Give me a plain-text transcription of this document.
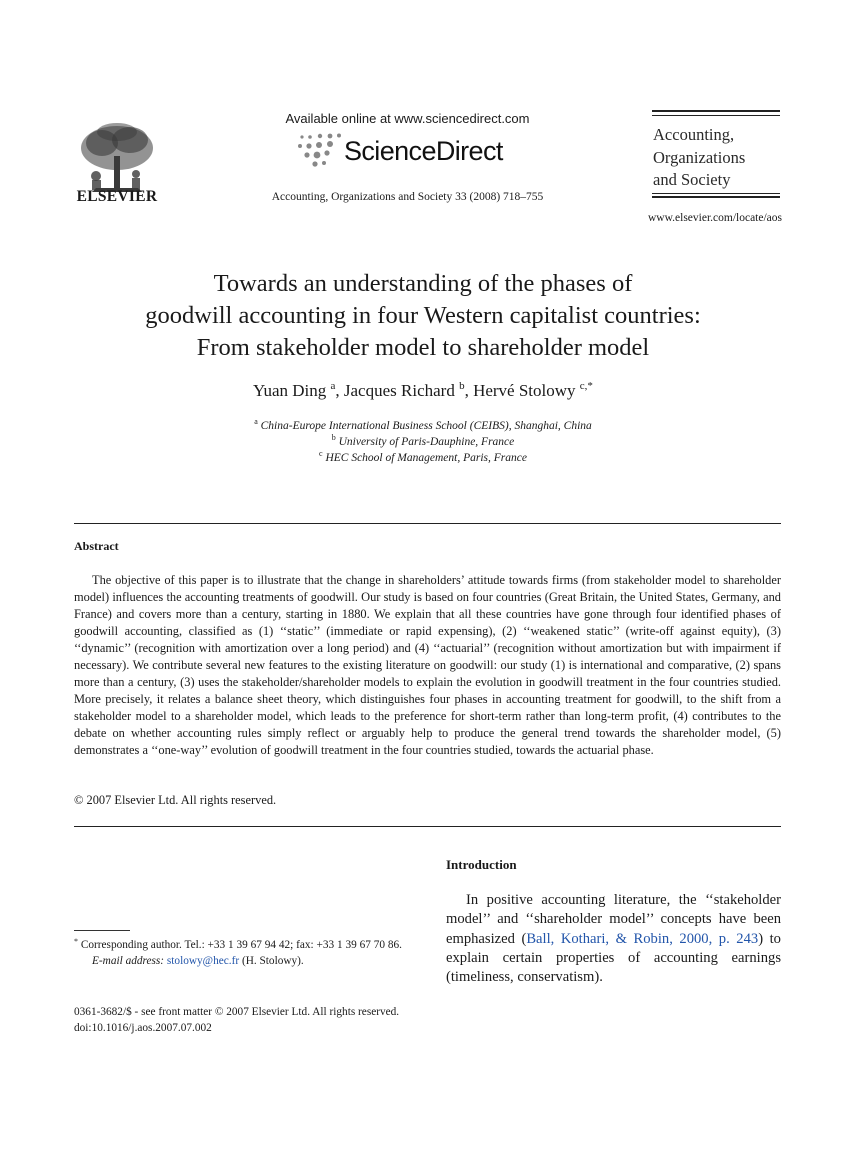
ELSEVIER
Available online at www.sciencedirect.com
ScienceDirect
Accounting, Organizations and Society 33 (2008) 718–755
Accounting,
Organizations
and Society
www.elsevier.com/locate/aos
Towards an understanding of the phases of
goodwill accounting in four Western capitalist countries:
From stakeholder model to shareholder model
Yuan Ding $^a$, Jacques Richard $^b$, Hervé Stolowy $^{c,*}$
$^a$ China-Europe International Business School (CEIBS), Shanghai, China
$^b$ University of Paris-Dauphine, France
$^c$ HEC School of Management, Paris, France
Abstract
The objective of this paper is to illustrate that the change in shareholders’ attitude towards firms (from stakeholder model to shareholder model) influences the accounting treatments of goodwill. Our study is based on four countries (Great Britain, the United States, Germany, and France) and covers more than a century, starting in 1880. We explain that all these countries have gone through four identified phases of goodwill accounting, classified as (1) ‘‘static’’ (immediate or rapid expensing), (2) ‘‘weakened static’’ (write-off against equity), (3) ‘‘dynamic’’ (recognition with amortization over a long period) and (4) ‘‘actuarial’’ (recognition without amortization but with impairment if necessary). We contribute several new features to the existing literature on goodwill: our study (1) is international and comparative, (2) spans more than a century, (3) uses the stakeholder/shareholder models to explain the evolution in goodwill treatment in the four countries studied. More precisely, it relates a balance sheet theory, which distinguishes four phases in accounting treatment for goodwill, to the shift from a stakeholder model to a shareholder model, which leads to the preference for short-term rather than long-term profit, (4) contributes to the debate on whether accounting rules simply reflect or arguably help to produce the general trend towards the shareholder model, (5) demonstrates a ‘‘one-way’’ evolution of goodwill treatment in the four countries studied, towards the actuarial phase.
© 2007 Elsevier Ltd. All rights reserved.
Introduction
In positive accounting literature, the ‘‘stakeholder model’’ and ‘‘shareholder model’’ concepts have been emphasized (Ball, Kothari, & Robin, 2000, p. 243) to explain certain properties of accounting earnings (timeliness, conservatism).
* Corresponding author. Tel.: +33 1 39 67 94 42; fax: +33 1 39 67 70 86.
E-mail address: stolowy@hec.fr (H. Stolowy).
0361-3682/$ - see front matter © 2007 Elsevier Ltd. All rights reserved.
doi:10.1016/j.aos.2007.07.002
